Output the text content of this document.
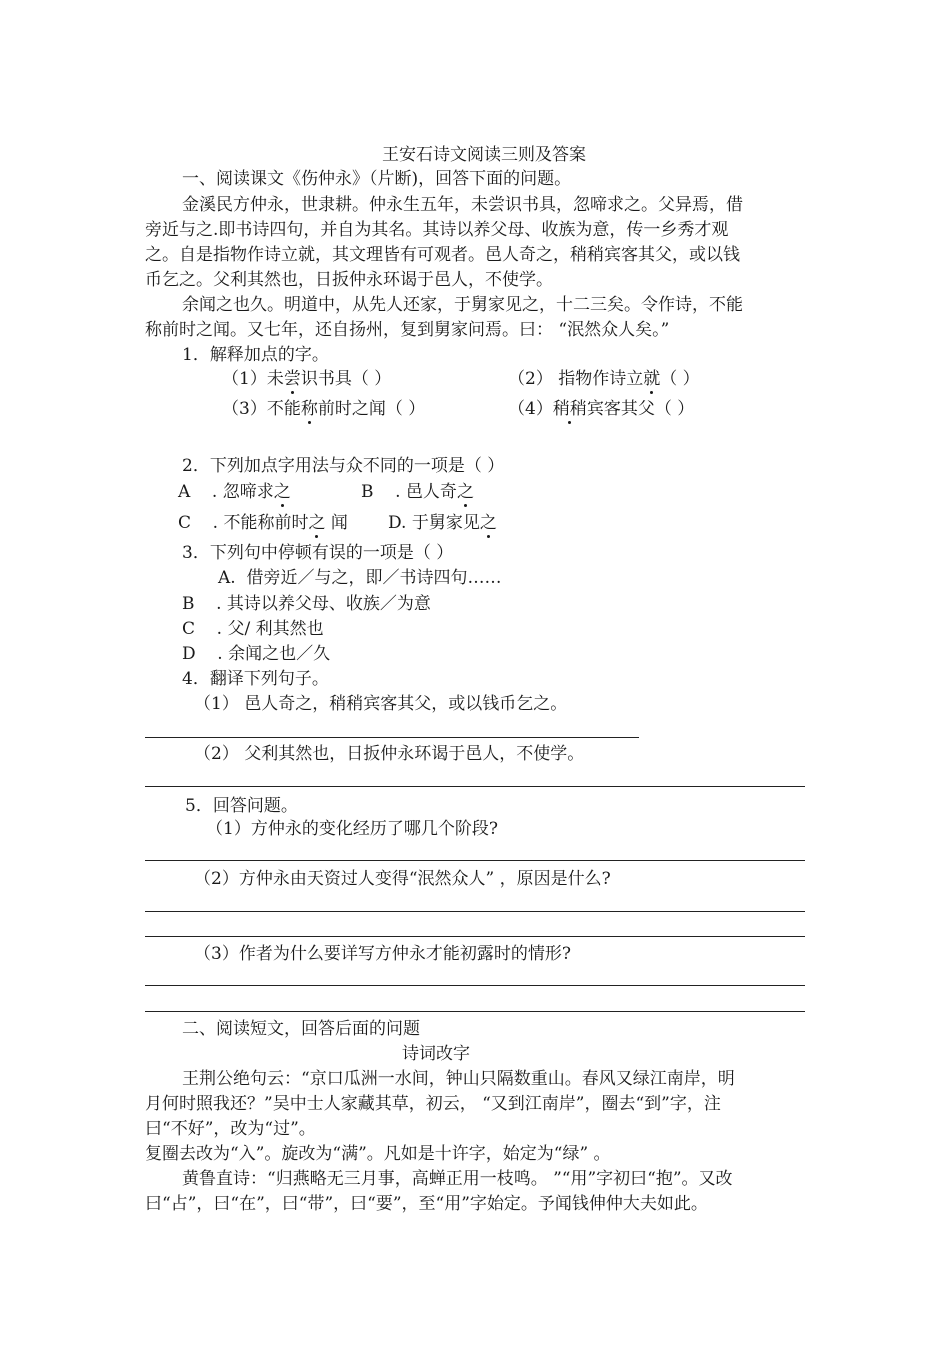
王安石诗文阅读三则及答案
一、阅读课文《伤仲永》（片断)，回答下面的问题。
金溪民方仲永，世隶耕。仲永生五年，未尝识书具，忽啼求之。父异焉，借
旁近与之.即书诗四句，并自为其名。其诗以养父母、收族为意，传一乡秀才观
之。自是指物作诗立就，其文理皆有可观者。邑人奇之，稍稍宾客其父，或以钱
币乞之。父利其然也，日扳仲永环谒于邑人，不使学。
余闻之也久。明道中，从先人还家，于舅家见之，十二三矣。令作诗，不能
称前时之闻。又七年，还自扬州，复到舅家问焉。曰： “泯然众人矣。”
1．解释加点的字。
（1）未尝识书具（ ）	（2） 指物作诗立就（ ）
（3）不能称前时之闻（ ）	（4）稍稍宾客其父（ ）
2．下列加点字用法与众不同的一项是（ ）
A . 忽啼求之	B . 邑人奇之
C . 不能称前时之 闻 D. 于舅家见之
3．下列句中停顿有误的一项是（ ）
A. 借旁近／与之，即／书诗四句……
B . 其诗以养父母、收族／为意
C . 父/ 利其然也
D . 余闻之也／久
4．翻译下列句子。
（1） 邑人奇之，稍稍宾客其父，或以钱币乞之。
（2） 父利其然也，日扳仲永环谒于邑人，不使学。
5．回答问题。
（1）方仲永的变化经历了哪几个阶段?
（2）方仲永由天资过人变得“泯然众人” ，原因是什么?
（3）作者为什么要详写方仲永才能初露时的情形?
二、阅读短文，回答后面的问题
诗词改字
王荆公绝句云：“京口瓜洲一水间，钟山只隔数重山。春风又绿江南岸，明
月何时照我还？”吴中士人家藏其草，初云， “又到江南岸”，圈去“到”字，注
曰“不好”，改为“过”。
复圈去改为“入”。旋改为“满”。凡如是十许字，始定为“绿” 。
黄鲁直诗：“归燕略无三月事，高蝉正用一枝鸣。 ”“用”字初曰“抱”。又改
曰“占”，曰“在”，曰“带”，曰“要”，至“用”字始定。予闻钱伸仲大夫如此。
